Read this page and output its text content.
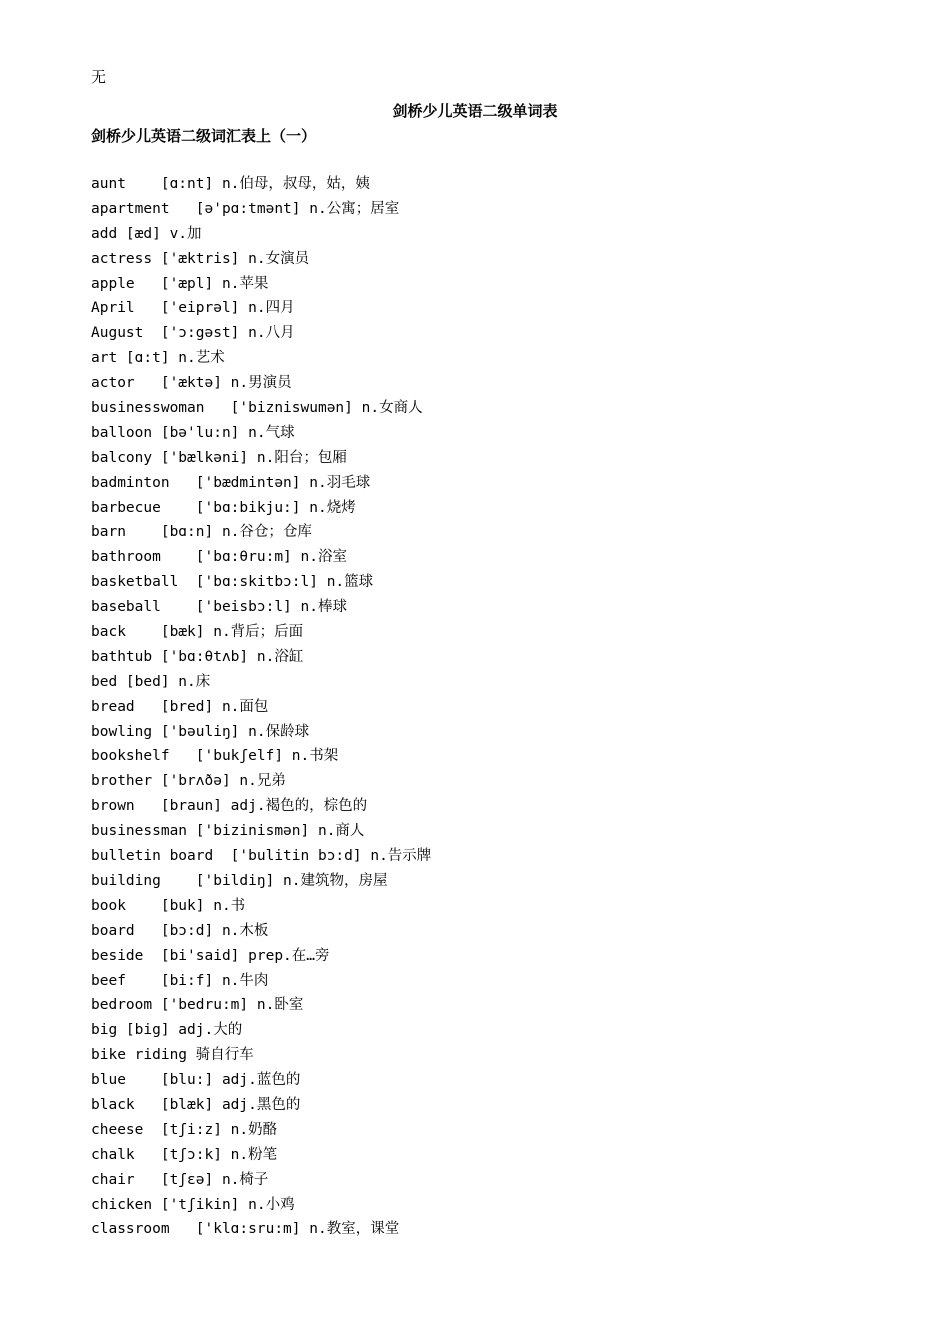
无
剑桥少儿英语二级单词表
剑桥少儿英语二级词汇表上（一）
aunt    [ɑ:nt] n.伯母，叔母，姑，姨
apartment   [ə'pɑ:tmənt] n.公寓；居室
add [æd] v.加
actress ['æktris] n.女演员
apple   ['æpl] n.苹果
April   ['eiprəl] n.四月
August  ['ɔ:gəst] n.八月
art [ɑ:t] n.艺术
actor   ['æktə] n.男演员
businesswoman   ['bizniswumən] n.女商人
balloon [bə'lu:n] n.气球
balcony ['bælkəni] n.阳台；包厢
badminton   ['bædmintən] n.羽毛球
barbecue    ['bɑ:bikju:] n.烧烤
barn    [bɑ:n] n.谷仓；仓库
bathroom    ['bɑ:θru:m] n.浴室
basketball  ['bɑ:skitbɔ:l] n.篮球
baseball    ['beisbɔ:l] n.棒球
back    [bæk] n.背后；后面
bathtub ['bɑ:θtʌb] n.浴缸
bed [bed] n.床
bread   [bred] n.面包
bowling ['bəuliŋ] n.保龄球
bookshelf   ['bukʃelf] n.书架
brother ['brʌðə] n.兄弟
brown   [braun] adj.褐色的，棕色的
businessman ['bizinismən] n.商人
bulletin board  ['bulitin bɔ:d] n.告示牌
building    ['bildiŋ] n.建筑物，房屋
book    [buk] n.书
board   [bɔ:d] n.木板
beside  [bi'said] prep.在…旁
beef    [bi:f] n.牛肉
bedroom ['bedru:m] n.卧室
big [big] adj.大的
bike riding 骑自行车
blue    [blu:] adj.蓝色的
black   [blæk] adj.黑色的
cheese  [tʃi:z] n.奶酪
chalk   [tʃɔ:k] n.粉笔
chair   [tʃɛə] n.椅子
chicken ['tʃikin] n.小鸡
classroom   ['klɑ:sru:m] n.教室，课堂
